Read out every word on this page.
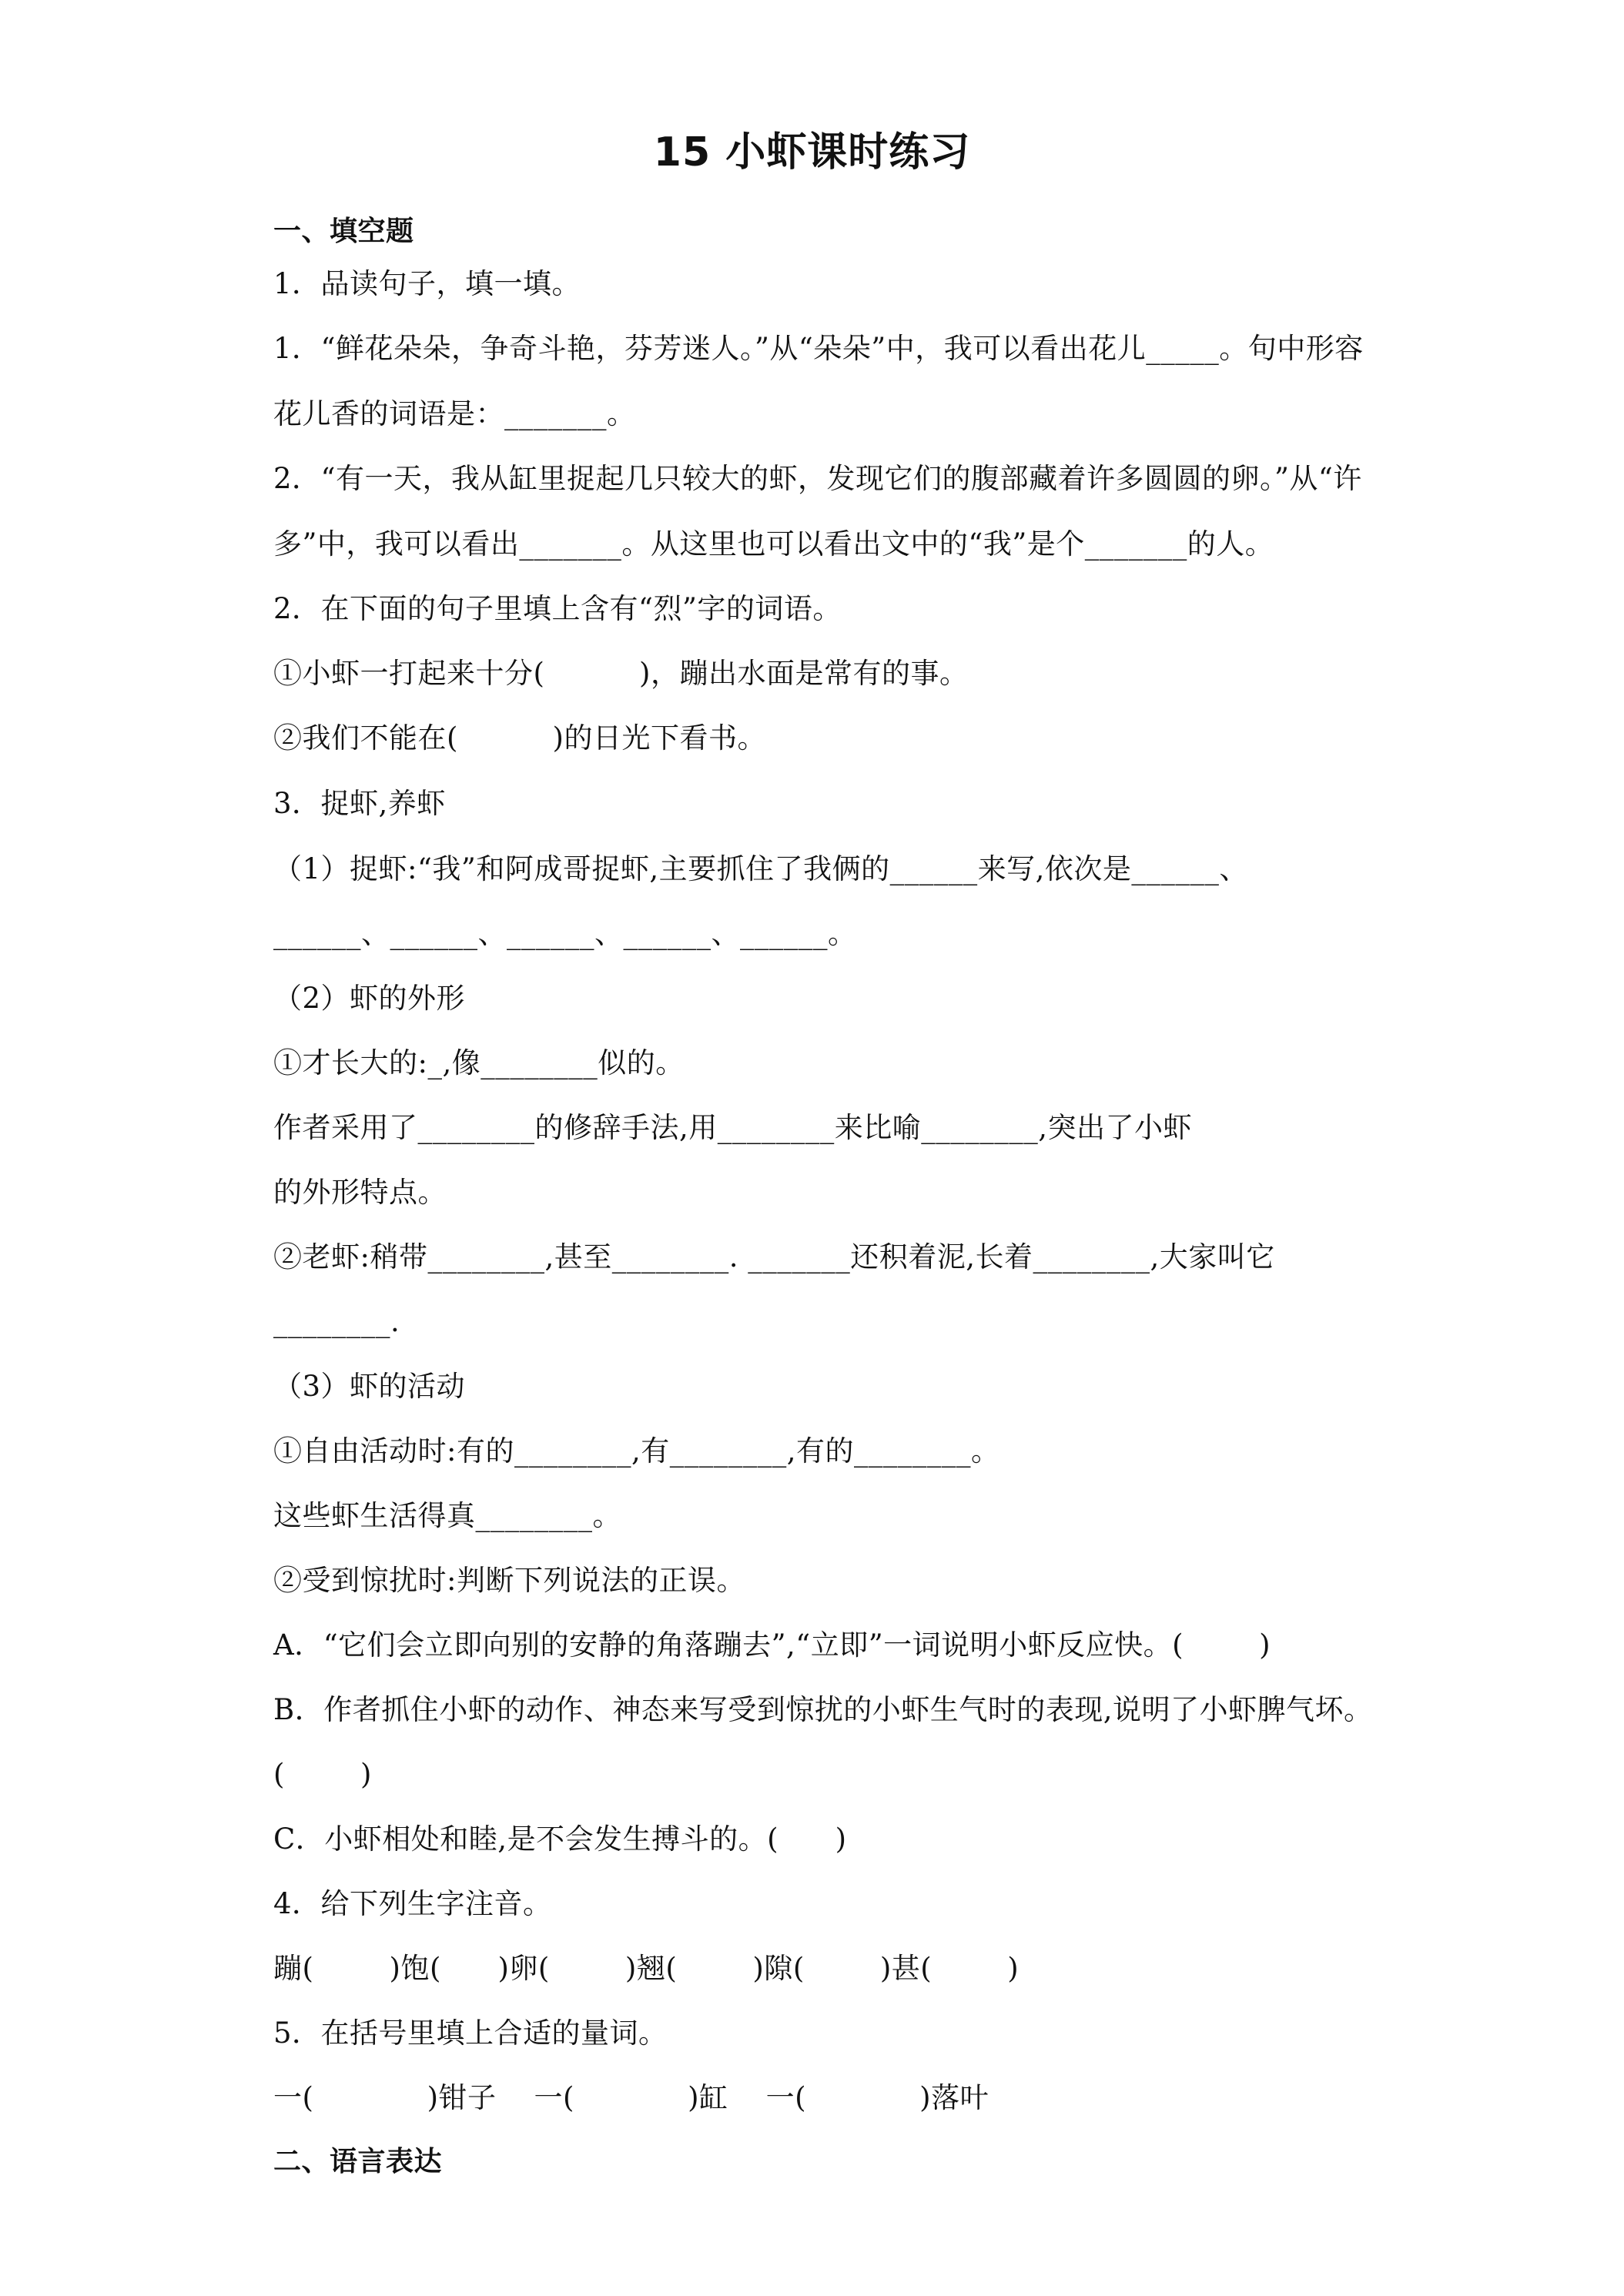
15 小虾课时练习
一、填空题
1．品读句子，填一填。
1．“鲜花朵朵，争奇斗艳，芬芳迷人。”从“朵朵”中，我可以看出花儿_____。句中形容
花儿香的词语是：_______。
2．“有一天，我从缸里捉起几只较大的虾，发现它们的腹部藏着许多圆圆的卵。”从“许
多”中，我可以看出_______。从这里也可以看出文中的“我”是个_______的人。
2．在下面的句子里填上含有“烈”字的词语。
①小虾一打起来十分(          )，蹦出水面是常有的事。
②我们不能在(          )的日光下看书。
3．捉虾,养虾
（1）捉虾:“我”和阿成哥捉虾,主要抓住了我俩的______来写,依次是______、
______、______、______、______、______。
（2）虾的外形
①才长大的:_,像________似的。
作者采用了________的修辞手法,用________来比喻________,突出了小虾
的外形特点。
②老虾:稍带________,甚至________. _______还积着泥,长着________,大家叫它
________.
（3）虾的活动
①自由活动时:有的________,有________,有的________。
这些虾生活得真________。
②受到惊扰时:判断下列说法的正误。
A．“它们会立即向别的安静的角落蹦去”,“立即”一词说明小虾反应快。(        )
B．作者抓住小虾的动作、神态来写受到惊扰的小虾生气时的表现,说明了小虾脾气坏。
(        )
C．小虾相处和睦,是不会发生搏斗的。(      )
4．给下列生字注音。
蹦(        )饱(      )卵(        )翘(        )隙(        )甚(        )
5．在括号里填上合适的量词。
一(            )钳子    一(            )缸    一(            )落叶
二、语言表达
